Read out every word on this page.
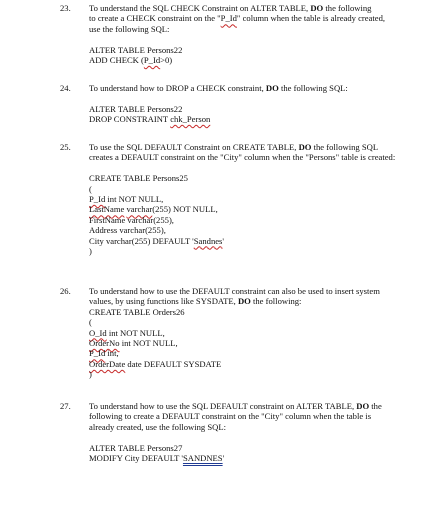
23. To understand the SQL CHECK Constraint on ALTER TABLE, DO the following
to create a CHECK constraint on the "P_Id" column when the table is already created,
use the following SQL:
ALTER TABLE Persons22
ADD CHECK (P_Id>0)
24. To understand how to DROP a CHECK constraint, DO the following SQL:
ALTER TABLE Persons22
DROP CONSTRAINT chk_Person
25. To use the SQL DEFAULT Constraint on CREATE TABLE, DO the following SQL
creates a DEFAULT constraint on the "City" column when the "Persons" table is created:
CREATE TABLE Persons25
(
P_Id int NOT NULL,
LastName varchar(255) NOT NULL,
FirstName varchar(255),
Address varchar(255),
City varchar(255) DEFAULT 'Sandnes'
)
26. To understand how to use the DEFAULT constraint can also be used to insert system
values, by using functions like SYSDATE, DO the following:
CREATE TABLE Orders26
(
O_Id int NOT NULL,
OrderNo int NOT NULL,
P_Id int,
OrderDate date DEFAULT SYSDATE
)
27. To understand how to use the SQL DEFAULT constraint on ALTER TABLE, DO the
following to create a DEFAULT constraint on the "City" column when the table is
already created, use the following SQL:
ALTER TABLE Persons27
MODIFY City DEFAULT 'SANDNES'
